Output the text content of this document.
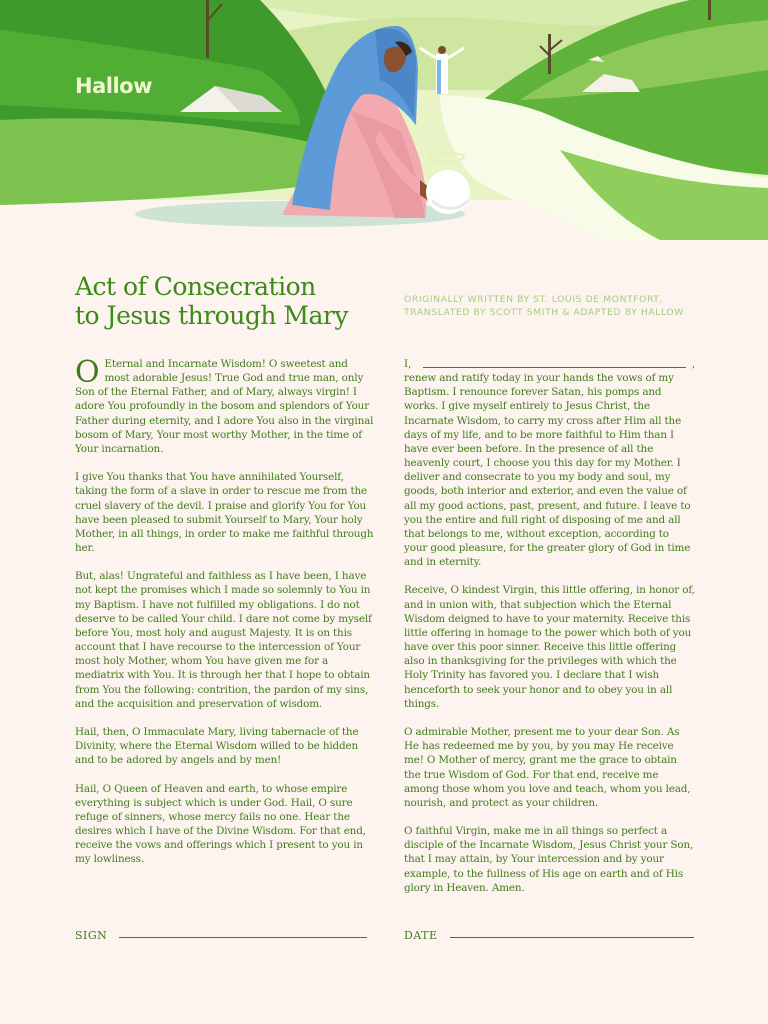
Hallow
Act of Consecration
to Jesus through Mary
ORIGINALLY WRITTEN BY ST. LOUIS DE MONTFORT,
TRANSLATED BY SCOTT SMITH & ADAPTED BY HALLOW

O Eternal and Incarnate Wisdom! O sweetest and most adorable Jesus! True God and true man, only Son of the Eternal Father, and of Mary, always virgin! I adore You profoundly in the bosom and splendors of Your Father during eternity, and I adore You also in the virginal bosom of Mary, Your most worthy Mother, in the time of Your incarnation.

I give You thanks that You have annihilated Yourself, taking the form of a slave in order to rescue me from the cruel slavery of the devil. I praise and glorify You for You have been pleased to submit Yourself to Mary, Your holy Mother, in all things, in order to make me faithful through her.

But, alas! Ungrateful and faithless as I have been, I have not kept the promises which I made so solemnly to You in my Baptism. I have not fulfilled my obligations. I do not deserve to be called Your child. I dare not come by myself before You, most holy and august Majesty. It is on this account that I have recourse to the intercession of Your most holy Mother, whom You have given me for a mediatrix with You. It is through her that I hope to obtain from You the following: contrition, the pardon of my sins, and the acquisition and preservation of wisdom.

Hail, then, O Immaculate Mary, living tabernacle of the Divinity, where the Eternal Wisdom willed to be hidden and to be adored by angels and by men!

Hail, O Queen of Heaven and earth, to whose empire everything is subject which is under God. Hail, O sure refuge of sinners, whose mercy fails no one. Hear the desires which I have of the Divine Wisdom. For that end, receive the vows and offerings which I present to you in my lowliness.

I,	,

renew and ratify today in your hands the vows of my Baptism. I renounce forever Satan, his pomps and works. I give myself entirely to Jesus Christ, the Incarnate Wisdom, to carry my cross after Him all the days of my life, and to be more faithful to Him than I have ever been before. In the presence of all the heavenly court, I choose you this day for my Mother. I deliver and consecrate to you my body and soul, my goods, both interior and exterior, and even the value of all my good actions, past, present, and future. I leave to you the entire and full right of disposing of me and all that belongs to me, without exception, according to your good pleasure, for the greater glory of God in time and in eternity.

Receive, O kindest Virgin, this little offering, in honor of, and in union with, that subjection which the Eternal Wisdom deigned to have to your maternity. Receive this little offering in homage to the power which both of you have over this poor sinner. Receive this little offering also in thanksgiving for the privileges with which the Holy Trinity has favored you. I declare that I wish henceforth to seek your honor and to obey you in all things.

O admirable Mother, present me to your dear Son. As He has redeemed me by you, by you may He receive me! O Mother of mercy, grant me the grace to obtain the true Wisdom of God. For that end, receive me among those whom you love and teach, whom you lead, nourish, and protect as your children.

O faithful Virgin, make me in all things so perfect a disciple of the Incarnate Wisdom, Jesus Christ your Son, that I may attain, by Your intercession and by your example, to the fullness of His age on earth and of His glory in Heaven. Amen.

SIGN	DATE
